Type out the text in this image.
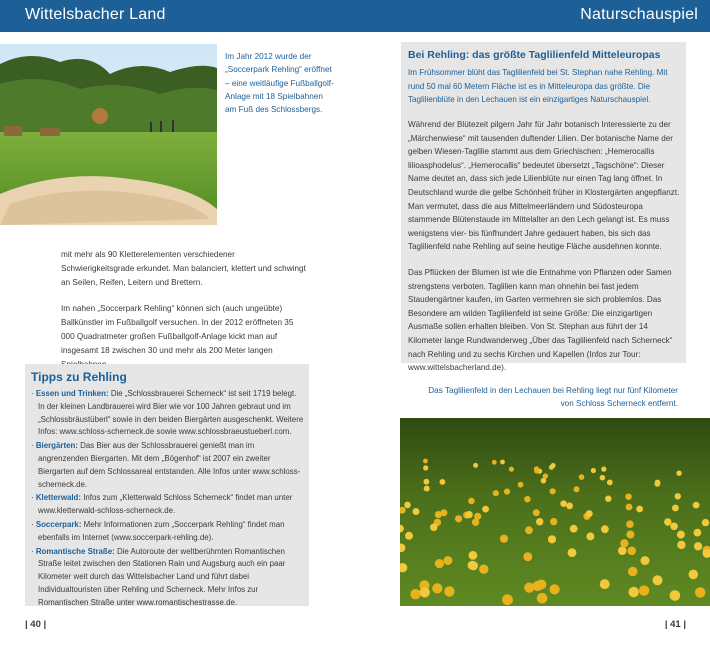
Wittelsbacher Land	Naturschauspiel
Im Jahr 2012 wurde der „Soccerpark Rehling“ eröffnet – eine weitläufige Fußballgolf-Anlage mit 18 Spielbahnen am Fuß des Schlossbergs.

mit mehr als 90 Kletterelementen verschiedener Schwierigkeitsgrade erkundet. Man balanciert, klettert und schwingt an Seilen, Reifen, Leitern und Brettern.

Im nahen „Soccerpark Rehling“ können sich (auch ungeübte) Ballkünstler im Fußballgolf versuchen. In der 2012 eröffneten 35 000 Quadratmeter großen Fußballgolf-Anlage kickt man auf insgesamt 18 zwischen 30 und mehr als 200 Meter langen

Tipps zu Rehling
· Essen und Trinken: Die „Schlossbrauerei Scherneck“ ist seit 1719 belegt. In der kleinen Landbrauerei wird Bier wie vor 100 Jahren gebraut und im „Schlossbräustüberl“ sowie in den beiden Biergärten ausgeschenkt. Weitere Infos: www.schloss-scherneck.de sowie www.schlossbraeustueberl.com.
· Biergärten: Das Bier aus der Schlossbrauerei genießt man im angrenzenden Biergarten. Mit dem „Bögenhof“ ist 2007 ein zweiter Biergarten auf dem Schlossareal entstanden. Alle Infos unter www.schloss-scherneck.de.
· Kletterwald: Infos zum „Kletterwald Schloss Scherneck“ findet man unter www.kletterwald-schloss-scherneck.de.
· Soccerpark: Mehr Informationen zum „Soccerpark Rehling“ findet man ebenfalls im Internet (www.soccerpark-rehling.de).
· Romantische Straße: Die Autoroute der weltberühmten Romantischen Straße leitet zwischen den Stationen Rain und Augsburg auch ein paar Kilometer weit durch das Wittelsbacher Land und führt dabei Individualtouristen über Rehling und Scherneck. Mehr Infos zur Romantischen Straße unter www.romantischestrasse.de.
Bei Rehling: das größte Taglilienfeld Mitteleuropas
Im Frühsommer blüht das Taglilienfeld bei St. Stephan nahe Rehling. Mit rund 50 mal 60 Metern Fläche ist es in Mitteleuropa das größte. Die Taglilienblüte in den Lechauen ist ein einzigartiges Naturschauspiel.
Während der Blütezeit pilgern Jahr für Jahr botanisch Interessierte zu der „Märchenwiese“ mit tausenden duftender Lilien. Der botanische Name der gelben Wiesen-Taglilie stammt aus dem Griechischen: „Hemerocallis lilioasphodelus“. „Hemerocallis“ bedeutet übersetzt „Tagschöne“: Dieser Name deutet an, dass sich jede Lilienblüte nur einen Tag lang öffnet. In Deutschland wurde die gelbe Schönheit früher in Klostergärten angepflanzt. Man vermutet, dass die aus Mittelmeerländern und Südosteuropa stammende Blütenstaude im Mittelalter an den Lech gelangt ist. Es muss wenigstens vier- bis fünfhundert Jahre gedauert haben, bis sich das Taglilienfeld nahe Rehling auf seine heutige Fläche ausdehnen konnte.
Das Pflücken der Blumen ist wie die Entnahme von Pflanzen oder Samen strengstens verboten. Taglilien kann man ohnehin bei fast jedem Staudengärtner kaufen, im Garten vermehren sie sich problemlos. Das Besondere am wilden Taglilienfeld ist seine Größe: Die einzigartigen Ausmaße sollen erhalten bleiben. Von St. Stephan aus führt der 14 Kilometer lange Rundwanderweg „Über das Taglilienfeld nach Scherneck“ nach Rehling und zu sechs Kirchen und Kapellen (Infos zur Tour: www.wittelsbacherland.de).
Das Taglilienfeld in den Lechauen bei Rehling liegt nur fünf Kilometer von Schloss Scherneck entfernt.
| 40 |	| 41 |
